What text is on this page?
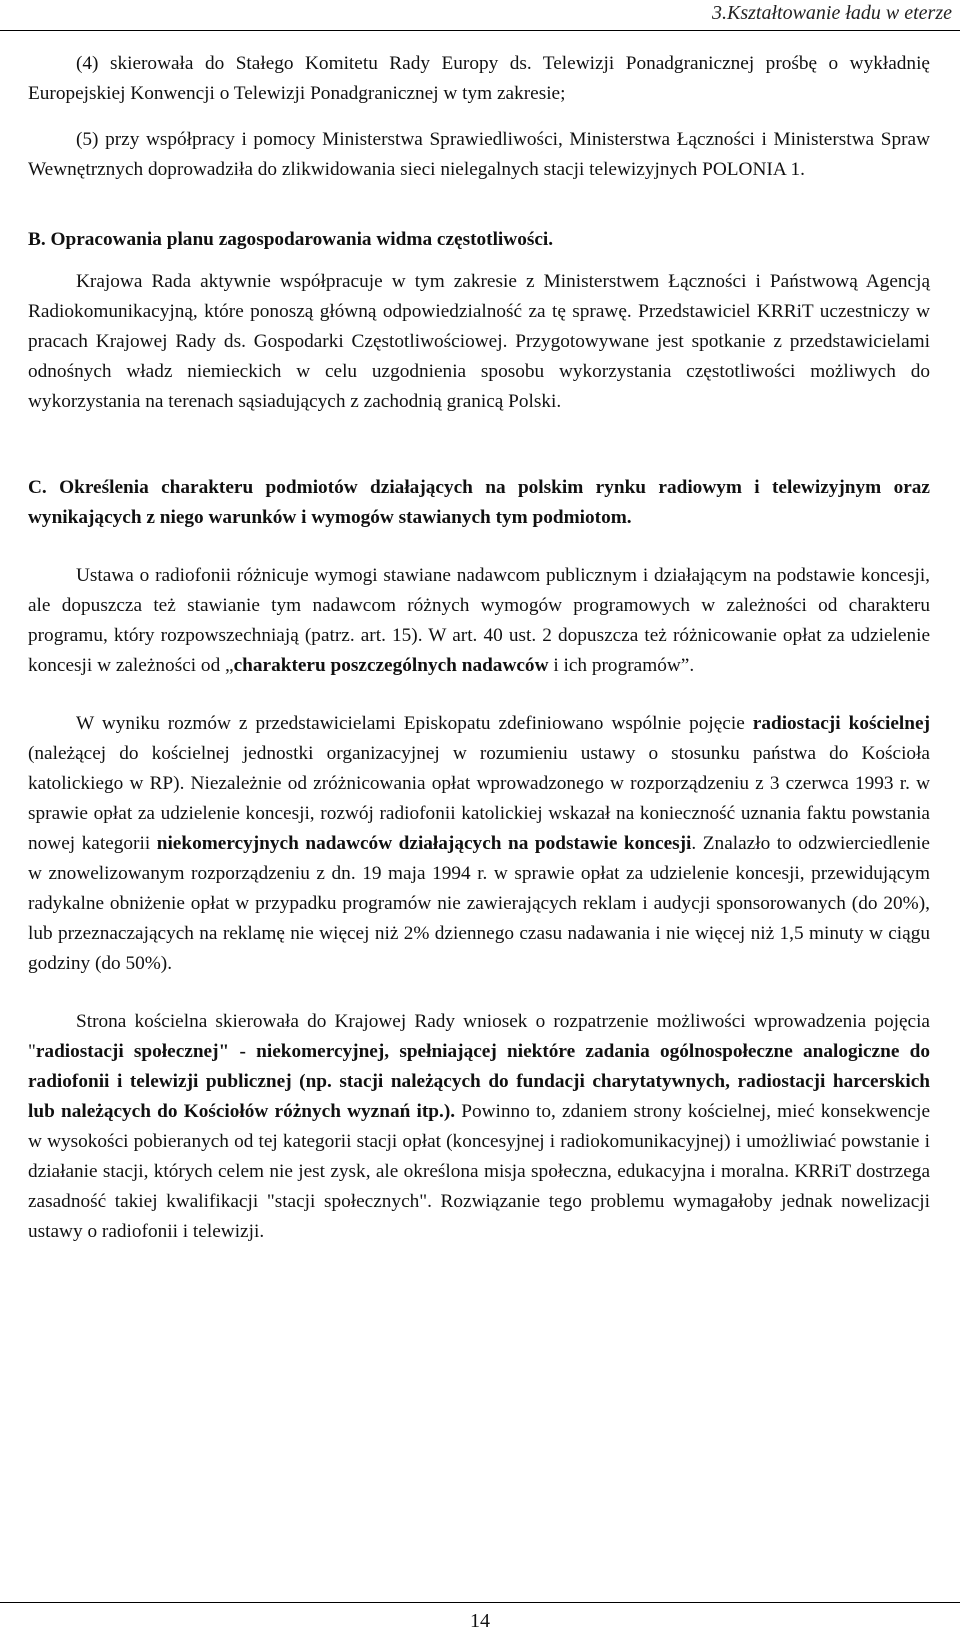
3.Kształtowanie ładu w eterze

(4) skierowała do Stałego Komitetu Rady Europy ds. Telewizji Ponadgranicznej prośbę o wykładnię Europejskiej Konwencji o Telewizji Ponadgranicznej w tym zakresie;

(5) przy współpracy i pomocy Ministerstwa Sprawiedliwości, Ministerstwa Łączności i Ministerstwa Spraw Wewnętrznych doprowadziła do zlikwidowania sieci nielegalnych stacji telewizyjnych POLONIA 1.

B. Opracowania planu zagospodarowania widma częstotliwości.

Krajowa Rada aktywnie współpracuje w tym zakresie z Ministerstwem Łączności i Państwową Agencją Radiokomunikacyjną, które ponoszą główną odpowiedzialność za tę sprawę. Przedstawiciel KRRiT uczestniczy w pracach Krajowej Rady ds. Gospodarki Częstotliwościowej. Przygotowywane jest spotkanie z przedstawicielami odnośnych władz niemieckich w celu uzgodnienia sposobu wykorzystania częstotliwości możliwych do wykorzystania na terenach sąsiadujących z zachodnią granicą Polski.

C. Określenia charakteru podmiotów działających na polskim rynku radiowym i telewizyjnym oraz wynikających z niego warunków i wymogów stawianych tym podmiotom.

Ustawa o radiofonii różnicuje wymogi stawiane nadawcom publicznym i działającym na podstawie koncesji, ale dopuszcza też stawianie tym nadawcom różnych wymogów programowych w zależności od charakteru programu, który rozpowszechniają (patrz. art. 15). W art. 40 ust. 2 dopuszcza też różnicowanie opłat za udzielenie koncesji w zależności od „charakteru poszczególnych nadawców i ich programów”.

W wyniku rozmów z przedstawicielami Episkopatu zdefiniowano wspólnie pojęcie radiostacji kościelnej (należącej do kościelnej jednostki organizacyjnej w rozumieniu ustawy o stosunku państwa do Kościoła katolickiego w RP). Niezależnie od zróżnicowania opłat wprowadzonego w rozporządzeniu z 3 czerwca 1993 r. w sprawie opłat za udzielenie koncesji, rozwój radiofonii katolickiej wskazał na konieczność uznania faktu powstania nowej kategorii niekomercyjnych nadawców działających na podstawie koncesji. Znalazło to odzwierciedlenie w znowelizowanym rozporządzeniu z dn. 19 maja 1994 r. w sprawie opłat za udzielenie koncesji, przewidującym radykalne obniżenie opłat w przypadku programów nie zawierających reklam i audycji sponsorowanych (do 20%), lub przeznaczających na reklamę nie więcej niż 2% dziennego czasu nadawania i nie więcej niż 1,5 minuty w ciągu godziny (do 50%).

Strona kościelna skierowała do Krajowej Rady wniosek o rozpatrzenie możliwości wprowadzenia pojęcia "radiostacji społecznej" - niekomercyjnej, spełniającej niektóre zadania ogólnospołeczne analogiczne do radiofonii i telewizji publicznej (np. stacji należących do fundacji charytatywnych, radiostacji harcerskich lub należących do Kościołów różnych wyznań itp.). Powinno to, zdaniem strony kościelnej, mieć konsekwencje w wysokości pobieranych od tej kategorii stacji opłat (koncesyjnej i radiokomunikacyjnej) i umożliwiać powstanie i działanie stacji, których celem nie jest zysk, ale określona misja społeczna, edukacyjna i moralna. KRRiT dostrzega zasadność takiej kwalifikacji "stacji społecznych". Rozwiązanie tego problemu wymagałoby jednak nowelizacji ustawy o radiofonii i telewizji.

14
